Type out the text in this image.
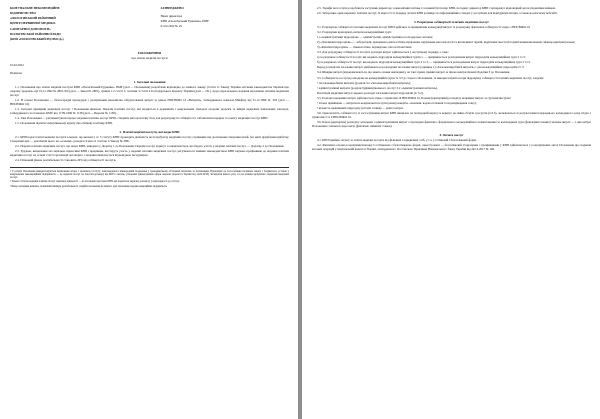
КОМУНАЛЬНЕ НЕКОМЕРЦІЙНЕ

ПІДПРИЄМСТВО

«ПОЛОГІВСЬКИЙ РАЙОННИЙ

ЦЕНТР ПЕРВИННОЇ МЕДИКО-

САНІТАРНОЇ ДОПОМОГИ»

ПОЛОГІВСЬКОЇ РАЙОННОЇ РАДИ

(КНП «ПОЛОГІВСЬКИЙ РЦ ПМСД»)

ЗАТВЕРДЖЕНО

Наказ директора

КНП «Пологівський Рудненко» ПМР

01.02.2022 № 25

ПОЛОЖЕННЯ
про платні медичні послуги

01.02.2022

Підписка

1. Загальні положення

1.1. Положення про платні медичні послуги КНП «Пологівський Рудненко» ПМР (далі — Положення) розроблене відповідно до чинного закону (стаття 11 Закону України «Основи законодавства України про охорону здоров'я» від 19.11.1992 № 2801-XII (далі — Закон № 2801), пункти 1.2 статті 3, частини 3 статті 4 Господарського Кодексу України (далі — ГК ), щодо паралельного надання населенню платних медичних послуг.

1.2. В основі Положення — безпосередні процедури з урахуванням економічно обґрунтованих витрат за ціною НПСЮФО 16 «Витрати», затвердженого наказом Мінфіну від 31.12.1999 № 318 (далі — НПСЮФО 16).

1.3. Загальні принципи медичних послуг і Положення визначає Перелік платних послуг, які надаються в державних і комунальних закладах охорони здоров'я та вищих медичних навчальних закладах, затвердженого постановою КМУ від 17.09.1996 № 1138 (далі — Перелік № 1138).

1.4. Таке Положення — регламентувати процес надання платних послуг КНП, створити методологічну базу для розрахунку їх собівартості, забезпечити порядок та оплату медичних послуг КНП.

1.5. Положення підлягає внутрішньому аудиту про облікову політику КНП.

2. Платні медичні послуги, які надає КНП

2.1. КНП надає платні медичні послуги в межах, що вказані у ст. 5 статуту КНП; проводить діяльність не потребуючу медичних послуг, отриманих від досягнення створення цілей, без мети придбання прибутку. Створення цих — реалізація цього на «основні» доходи в згідно зі статтею 6 Закону № 2801.

2.2. Перелік платних медичних послуг, що надає КНП, наведено у Додатку 1 до Положення. Перелік послуг коригує та визначаються, що беруть участь у наданні платних послуг, — Додатку 2 до Положення.

2.3. Трудове, визначення чи соціально відносини КНП і працівник, які беруть участь у наданні платних медичних послуг, регулюються чинним законодавством КНП науково працівників до надання платних медичних послуг на основі статті організації договорів і є надання визначається відповідною інструкцією.

2.4. Плановий рівень рентабельності становить 20% від собівартості послуги.

¹ У розділі Положення використовуються визначення згідно з правовою Статуту; новозаведеного міжнародний положення у громадянському об'єднанні зазначено за посиланням. Відповідно до застосованих положень закону з бюджетного установ у комунальних некомерційних підприємств — це надавачі послуг на підставі договору від МОЗ з питань, утворених фінансуванню сфери охорони здоров'я в Україні від 14.02.2018). Засвідчити іншого разу і те на різниці здобувачів і надавачів медичних послуг.

² Тільки статутна надання платних послуг медичної діяльності — на загальних підставах КНП, які надаються медичну допомогу у відповідності до статуту.

³ Якщо засновник визначає граничний мінімум рентабельності, надійти положення не нижче і дані показники середні комерційних підприємств.

2.5. Тарифи на послуги розробляють заступник директора з економічних питань і головний бухгалтер КНП, погоджує директор КНП і затверджує відповідний орган управління майном.

2.6. Забороняю один параметр платних послуг, їх вартості та порядку оплати КНП розміщує на інформаційних стендах у доступних для відвідувачів місцях, а також на власному вебсайті.

3. Розрахунок собівартості платних медичних послуг

3.1. Розрахунок собівартості платних медичних послуг КНП здійснює за принципами калькуляції витрат та розрахунку фактичної собівартості згідно з НПСЮФО 16

3.2. Розрахунки враховують витрати калькуляційних груп:

1) «Адміністративні підрозділи» — адміністрація, адміністративно-господарська частина;

2) «Допоміжні підрозділи» — лабораторія, призначено-діагностичне відділення, відділення анестезіології та інтенсивної терапії, відділення анестезії терапії невимовношених, міжнародне/центральне;

3) «Клінічні підрозділи» — гінекологічне, акушерське, патології вагітних.

3.3. Для розрахунку собівартості послуги розподіл витрат здійснюється у наступному порядку, а саме:

а) за рахунком собівартості послуг, які надають підрозділи калькуляційної групи 1, — прирівнюється розподілення витрат підрозділів калькуляційних груп 2 та 3;

б) за рахунком собівартості послуг, які надають підрозділи калькуляційних груп 2 та 3, — прирівнюється розподілення витрат підрозділів калькуляційних груп 2 та 3.

Перед розподілом загальних витрат здійснюються розрахунки загальних витрат (одиниць 1) «Загальновиробничі витрати» і для калькуляційних підрозділів 2 і 3.

3.4. Швидке витрат (відокремлюються, що мають ознаки накладних), на такі: прямі, прямих витрат за ціною централізовані Додатки 3 до Положення.

3.5. Собівартість послуги розподіляє на калькуляційні групи та 3.3 до 3 цього Положення, та використовуються при підрахунку собівартості платних медичних послуг, зокрема:

• загальновиробничі витрати (розділи 3.2 «Загальновиробничі витрати»);

• адміністративні витрати (розділи будівництвального послуг 3.2 «Адміністративні витрати»).

Реалізація медичних витрат зведено розподіл загальних витрат підрозділів (п. 3.2).

3.5. Розподіл непрямих витрат здійснюється згідно з пунктами 16 НПСЮФО 16. Базами (критеріями) розподілу непрямих витрат за групами виступає:

• площа приміщень — витрати на комунальні послуги (електроенергія, опалення, водопостачання та водовідведення тощо);

• кількість працівників підрозділу (штатні ставки) — решта витрат.

3.6. Одночасність собівартості, із застосуванням витрат КНП виписано на попередній період та коригує на зміни обсягів і ресурсів (п.3.3), оновлюються за результатами попереднього календарного року згідно з пунктами 3 та 4 НПСЮФО 16.

3.6. Базою (критерієм) розподілу загальних і адміністративних витрат є пропорція фактично сформованого калькуляційного навантаження за календарних груп (фактичних повних) значень витрат — і цих витрат Положення є кількість персоналу (фактично зайнятих ставок).

4. Оплата послуг

4.1. КНП приймає оплату за платні медичні послуги від фізичних і юридичних осіб, у т.ч. у готівковій і безготівковій формі.

4.2. Фактичні основи розрахунків/платежу із готівковою і безготівковою формі, зареєстровані — безготівковій. Розрахунки з працівниками у КНП здійснюються у розрахункових актах Положення про надання касових операцій у національній валюті в Україні, затвердженого Постановою Правління Національного банку України від 29.12.2017 № 148.
